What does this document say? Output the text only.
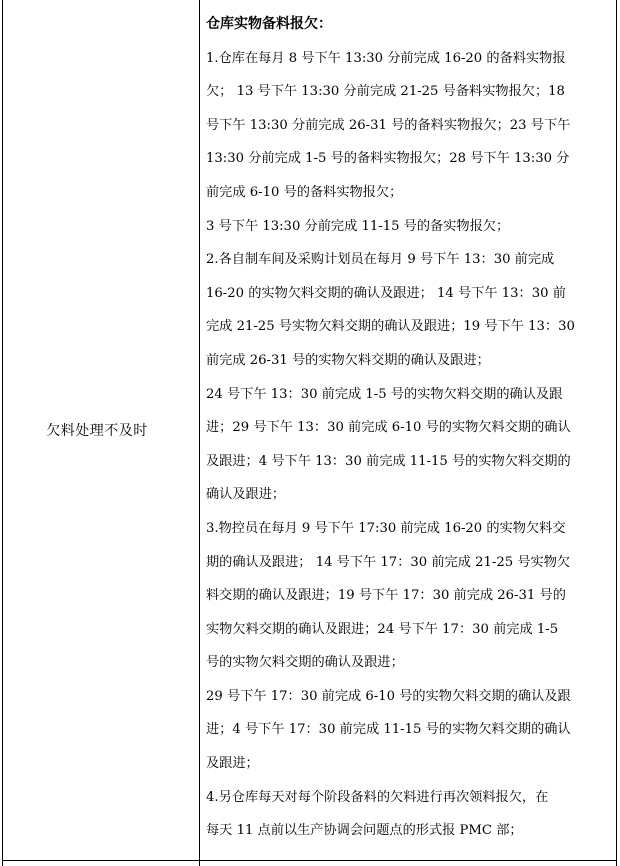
欠料处理不及时
仓库实物备料报欠：
1.仓库在每月 8 号下午 13:30 分前完成 16-20 的备料实物报
欠； 13 号下午 13:30 分前完成 21-25 号备料实物报欠；18
号下午 13:30 分前完成 26-31 号的备料实物报欠；23 号下午
13:30 分前完成 1-5 号的备料实物报欠；28 号下午 13:30 分
前完成 6-10 号的备料实物报欠；
3 号下午 13:30 分前完成 11-15 号的备实物报欠；
2.各自制车间及采购计划员在每月 9 号下午 13：30 前完成
16-20 的实物欠料交期的确认及跟进； 14 号下午 13：30 前
完成 21-25 号实物欠料交期的确认及跟进；19 号下午 13：30
前完成 26-31 号的实物欠料交期的确认及跟进；
24 号下午 13：30 前完成 1-5 号的实物欠料交期的确认及跟
进；29 号下午 13：30 前完成 6-10 号的实物欠料交期的确认
及跟进；4 号下午 13：30 前完成 11-15 号的实物欠料交期的
确认及跟进；
3.物控员在每月 9 号下午 17:30 前完成 16-20 的实物欠料交
期的确认及跟进； 14 号下午 17：30 前完成 21-25 号实物欠
料交期的确认及跟进；19 号下午 17：30 前完成 26-31 号的
实物欠料交期的确认及跟进；24 号下午 17：30 前完成 1-5
号的实物欠料交期的确认及跟进；
29 号下午 17：30 前完成 6-10 号的实物欠料交期的确认及跟
进；4 号下午 17：30 前完成 11-15 号的实物欠料交期的确认
及跟进；
4.另仓库每天对每个阶段备料的欠料进行再次领料报欠，在
每天 11 点前以生产协调会问题点的形式报 PMC 部；
